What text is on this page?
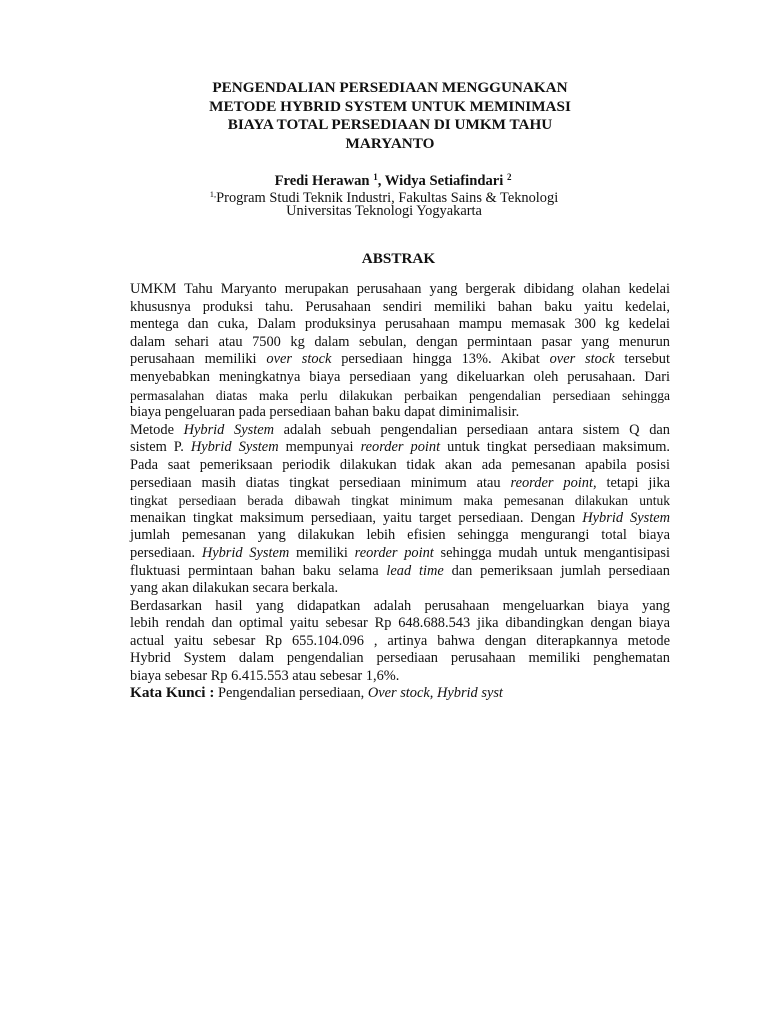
PENGENDALIAN PERSEDIAAN MENGGUNAKAN
METODE HYBRID SYSTEM UNTUK MEMINIMASI
BIAYA TOTAL PERSEDIAAN DI UMKM TAHU
MARYANTO
Fredi Herawan $^1$, Widya Setiafindari $^2$
$^{1,}$Program Studi Teknik Industri, Fakultas Sains & Teknologi
Universitas Teknologi Yogyakarta
ABSTRAK
UMKM Tahu Maryanto merupakan perusahaan yang bergerak dibidang olahan kedelai
khususnya produksi tahu. Perusahaan sendiri memiliki bahan baku yaitu kedelai,
mentega dan cuka, Dalam produksinya perusahaan mampu memasak 300 kg kedelai
dalam sehari atau 7500 kg dalam sebulan, dengan permintaan pasar yang menurun
perusahaan memiliki over stock persediaan hingga 13%. Akibat over stock tersebut
menyebabkan meningkatnya biaya persediaan yang dikeluarkan oleh perusahaan. Dari
permasalahan diatas maka perlu dilakukan perbaikan pengendalian persediaan sehingga
biaya pengeluaran pada persediaan bahan baku dapat diminimalisir.
Metode Hybrid System adalah sebuah pengendalian persediaan antara sistem Q dan
sistem P. Hybrid System mempunyai reorder point untuk tingkat persediaan maksimum.
Pada saat pemeriksaan periodik dilakukan tidak akan ada pemesanan apabila posisi
persediaan masih diatas tingkat persediaan minimum atau reorder point, tetapi jika
tingkat persediaan berada dibawah tingkat minimum maka pemesanan dilakukan untuk
menaikan tingkat maksimum persediaan, yaitu target persediaan. Dengan Hybrid System
jumlah pemesanan yang dilakukan lebih efisien sehingga mengurangi total biaya
persediaan. Hybrid System memiliki reorder point sehingga mudah untuk mengantisipasi
fluktuasi permintaan bahan baku selama lead time dan pemeriksaan jumlah persediaan
yang akan dilakukan secara berkala.
Berdasarkan hasil yang didapatkan adalah perusahaan mengeluarkan biaya yang
lebih rendah dan optimal yaitu sebesar Rp 648.688.543 jika dibandingkan dengan biaya
actual yaitu sebesar Rp 655.104.096 , artinya bahwa dengan diterapkannya metode
Hybrid System dalam pengendalian persediaan perusahaan memiliki penghematan
biaya sebesar Rp 6.415.553 atau sebesar 1,6%.
Kata Kunci : Pengendalian persediaan, Over stock, Hybrid syst
